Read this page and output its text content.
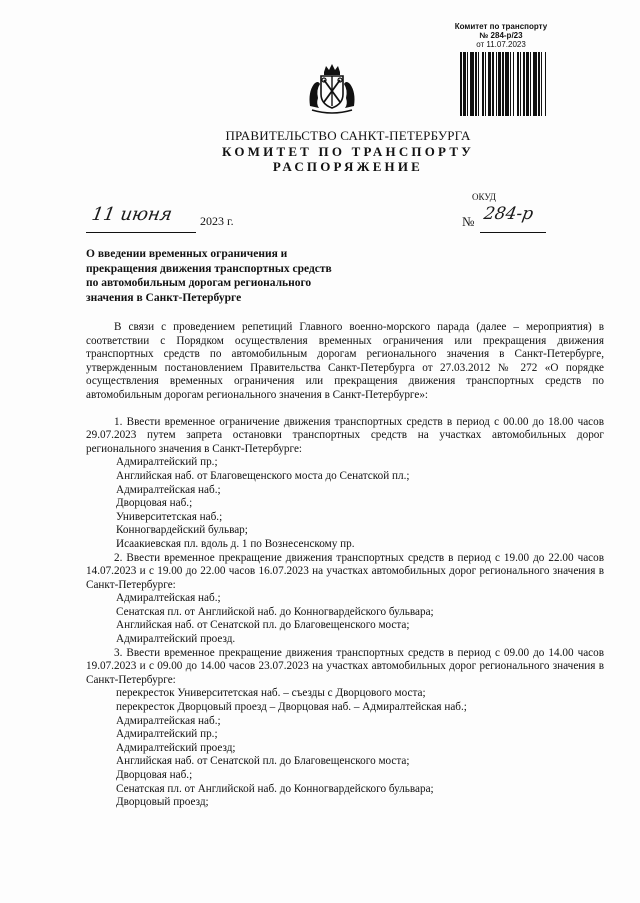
Комитет по транспорту
№ 284-р/23
от 11.07.2023
ПРАВИТЕЛЬСТВО САНКТ-ПЕТЕРБУРГА
КОМИТЕТ ПО ТРАНСПОРТУ
РАСПОРЯЖЕНИЕ
ОКУД
11 июня 2023 г.	№ 284-р
О введении временных ограничения и прекращения движения транспортных средств по автомобильным дорогам регионального значения в Санкт-Петербурге

В связи с проведением репетиций Главного военно-морского парада (далее – мероприятия) в соответствии с Порядком осуществления временных ограничения или прекращения движения транспортных средств по автомобильным дорогам регионального значения в Санкт-Петербурге, утвержденным постановлением Правительства Санкт-Петербурга от 27.03.2012 № 272 «О порядке осуществления временных ограничения или прекращения движения транспортных средств по автомобильным дорогам регионального значения в Санкт-Петербурге»:

1. Ввести временное ограничение движения транспортных средств в период с 00.00 до 18.00 часов 29.07.2023 путем запрета остановки транспортных средств на участках автомобильных дорог регионального значения в Санкт-Петербурге:

Адмиралтейский пр.;

Английская наб. от Благовещенского моста до Сенатской пл.;

Адмиралтейская наб.;

Дворцовая наб.;

Университетская наб.;

Конногвардейский бульвар;

Исаакиевская пл. вдоль д. 1 по Вознесенскому пр.

2. Ввести временное прекращение движения транспортных средств в период с 19.00 до 22.00 часов 14.07.2023 и с 19.00 до 22.00 часов 16.07.2023 на участках автомобильных дорог регионального значения в Санкт-Петербурге:

Адмиралтейская наб.;

Сенатская пл. от Английской наб. до Конногвардейского бульвара;

Английская наб. от Сенатской пл. до Благовещенского моста;

Адмиралтейский проезд.

3. Ввести временное прекращение движения транспортных средств в период с 09.00 до 14.00 часов 19.07.2023 и с 09.00 до 14.00 часов 23.07.2023 на участках автомобильных дорог регионального значения в Санкт-Петербурге:

перекресток Университетская наб. – съезды с Дворцового моста;

перекресток Дворцовый проезд – Дворцовая наб. – Адмиралтейская наб.;

Адмиралтейская наб.;

Адмиралтейский пр.;

Адмиралтейский проезд;

Английская наб. от Сенатской пл. до Благовещенского моста;

Дворцовая наб.;

Сенатская пл. от Английской наб. до Конногвардейского бульвара;

Дворцовый проезд;
